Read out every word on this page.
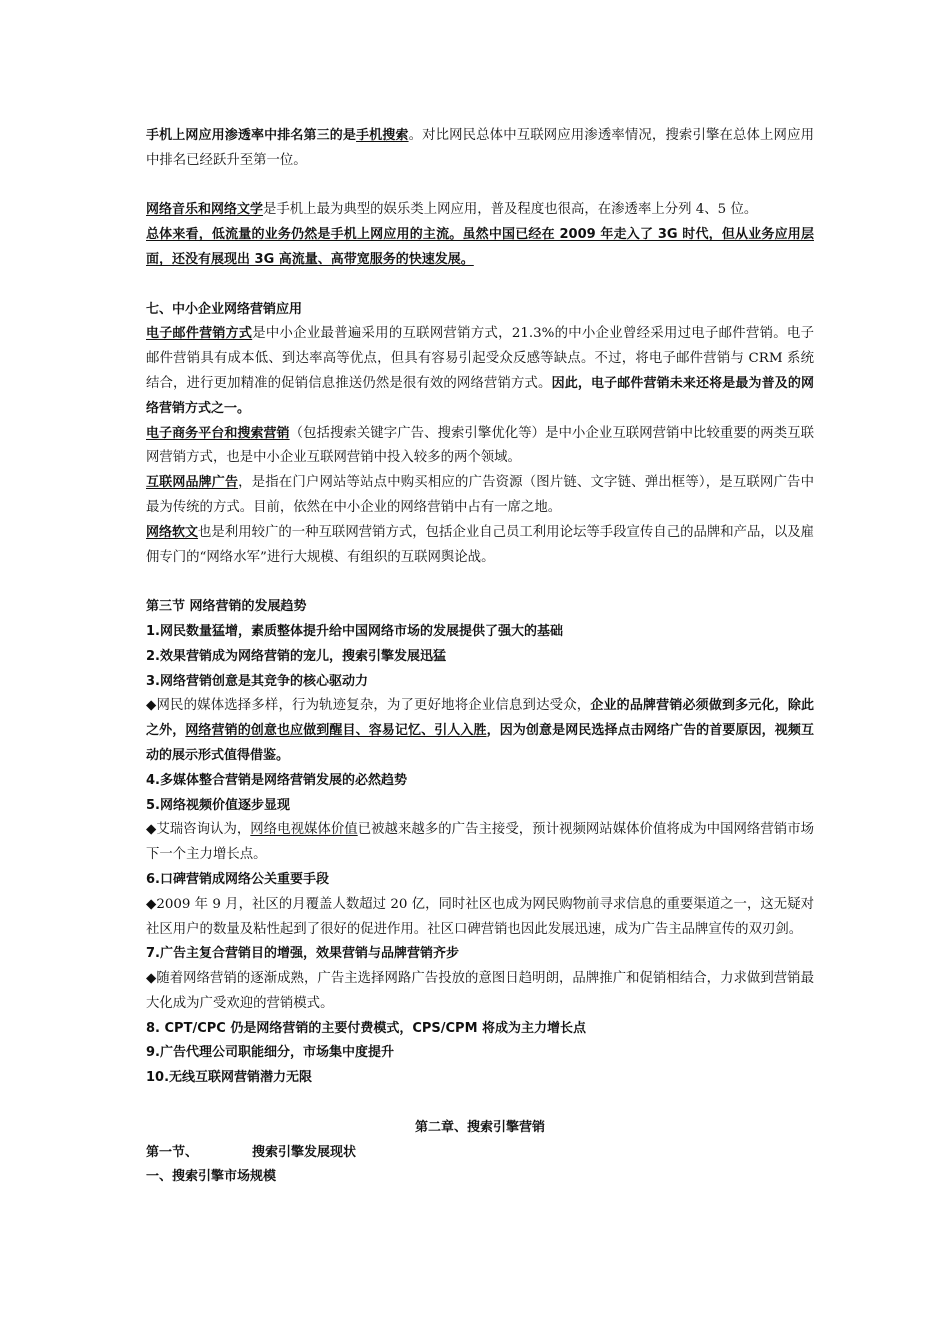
手机上网应用渗透率中排名第三的是手机搜索。对比网民总体中互联网应用渗透率情况，搜索引擎在总体上网应用中排名已经跃升至第一位。

网络音乐和网络文学是手机上最为典型的娱乐类上网应用，普及程度也很高，在渗透率上分列 4、5 位。

总体来看，低流量的业务仍然是手机上网应用的主流。虽然中国已经在 2009 年走入了 3G 时代，但从业务应用层面，还没有展现出 3G 高流量、高带宽服务的快速发展。

七、中小企业网络营销应用

电子邮件营销方式是中小企业最普遍采用的互联网营销方式，21.3%的中小企业曾经采用过电子邮件营销。电子邮件营销具有成本低、到达率高等优点，但具有容易引起受众反感等缺点。不过，将电子邮件营销与 CRM 系统结合，进行更加精准的促销信息推送仍然是很有效的网络营销方式。因此，电子邮件营销未来还将是最为普及的网络营销方式之一。

电子商务平台和搜索营销（包括搜索关键字广告、搜索引擎优化等）是中小企业互联网营销中比较重要的两类互联网营销方式，也是中小企业互联网营销中投入较多的两个领域。

互联网品牌广告，是指在门户网站等站点中购买相应的广告资源（图片链、文字链、弹出框等），是互联网广告中最为传统的方式。目前，依然在中小企业的网络营销中占有一席之地。

网络软文也是利用较广的一种互联网营销方式，包括企业自己员工利用论坛等手段宣传自己的品牌和产品，以及雇佣专门的“网络水军”进行大规模、有组织的互联网舆论战。

第三节 网络营销的发展趋势

1.网民数量猛增，素质整体提升给中国网络市场的发展提供了强大的基础

2.效果营销成为网络营销的宠儿，搜索引擎发展迅猛

3.网络营销创意是其竞争的核心驱动力

◆网民的媒体选择多样，行为轨迹复杂，为了更好地将企业信息到达受众，企业的品牌营销必须做到多元化，除此之外，网络营销的创意也应做到醒目、容易记忆、引人入胜，因为创意是网民选择点击网络广告的首要原因，视频互动的展示形式值得借鉴。

4.多媒体整合营销是网络营销发展的必然趋势

5.网络视频价值逐步显现

◆艾瑞咨询认为，网络电视媒体价值已被越来越多的广告主接受，预计视频网站媒体价值将成为中国网络营销市场下一个主力增长点。

6.口碑营销成网络公关重要手段

◆2009 年 9 月，社区的月覆盖人数超过 20 亿，同时社区也成为网民购物前寻求信息的重要渠道之一，这无疑对社区用户的数量及粘性起到了很好的促进作用。社区口碑营销也因此发展迅速，成为广告主品牌宣传的双刃剑。

7.广告主复合营销目的增强，效果营销与品牌营销齐步

◆随着网络营销的逐渐成熟，广告主选择网路广告投放的意图日趋明朗，品牌推广和促销相结合，力求做到营销最大化成为广受欢迎的营销模式。

8. CPT/CPC 仍是网络营销的主要付费模式，CPS/CPM 将成为主力增长点

9.广告代理公司职能细分，市场集中度提升

10.无线互联网营销潜力无限

第二章、搜索引擎营销

第一节、	搜索引擎发展现状

一、搜索引擎市场规模
